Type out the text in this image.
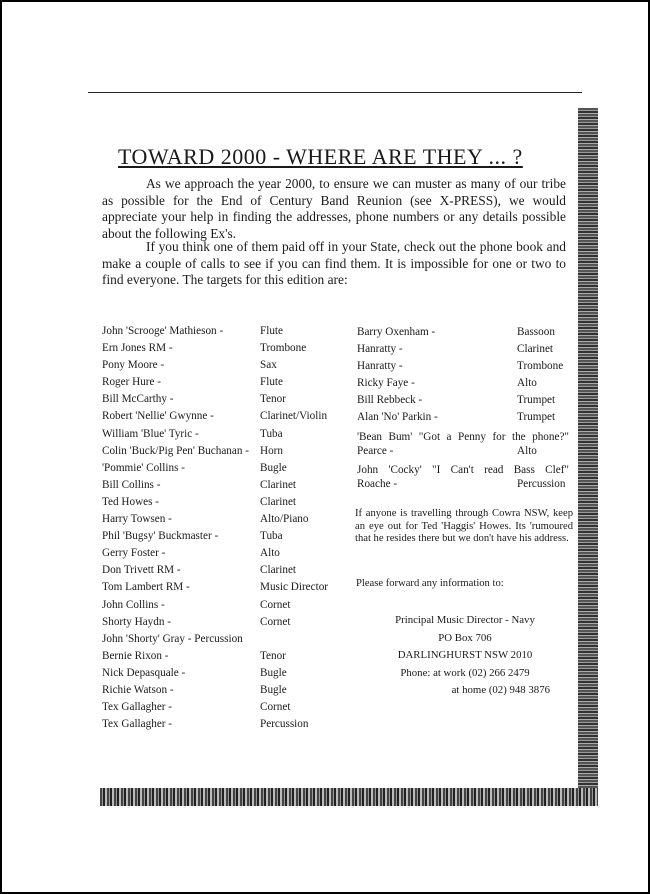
TOWARD 2000 - WHERE ARE THEY ... ?
As we approach the year 2000, to ensure we can muster as many of our tribe as possible for the End of Century Band Reunion (see X-PRESS), we would appreciate your help in finding the addresses, phone numbers or any details possible about the following Ex's.
If you think one of them paid off in your State, check out the phone book and make a couple of calls to see if you can find them. It is impossible for one or two to find everyone. The targets for this edition are:
John 'Scrooge' Mathieson -	Flute
Ern Jones RM -	Trombone
Pony Moore -	Sax
Roger Hure -	Flute
Bill McCarthy -	Tenor
Robert 'Nellie' Gwynne -	Clarinet/Violin
William 'Blue' Tyric -	Tuba
Colin 'Buck/Pig Pen' Buchanan - Horn
'Pommie' Collins -	Bugle
Bill Collins -	Clarinet
Ted Howes -	Clarinet
Harry Towsen -	Alto/Piano
Phil 'Bugsy' Buckmaster -	Tuba
Gerry Foster -	Alto
Don Trivett RM -	Clarinet
Tom Lambert RM -	Music Director
John Collins -	Cornet
Shorty Haydn -	Cornet
John 'Shorty' Gray - Percussion
Bernie Rixon -	Tenor
Nick Depasquale -	Bugle
Richie Watson -	Bugle
Tex Gallagher -	Cornet
Tex Gallagher -	Percussion
Barry Oxenham -	Bassoon
Hanratty -	Clarinet
Hanratty -	Trombone
Ricky Faye -	Alto
Bill Rebbeck -	Trumpet
Alan 'No' Parkin -	Trumpet
'Bean Bum' "Got a Penny for the phone?"
Pearce -	Alto
John 'Cocky' "I Can't read Bass Clef"
Roache -	Percussion
If anyone is travelling through Cowra NSW, keep an eye out for Ted 'Haggis' Howes. Its 'rumoured that he resides there but we don't have his address.
Please forward any information to:
Principal Music Director - Navy
PO Box 706
DARLINGHURST NSW 2010
Phone: at work (02) 266 2479
at home (02) 948 3876
